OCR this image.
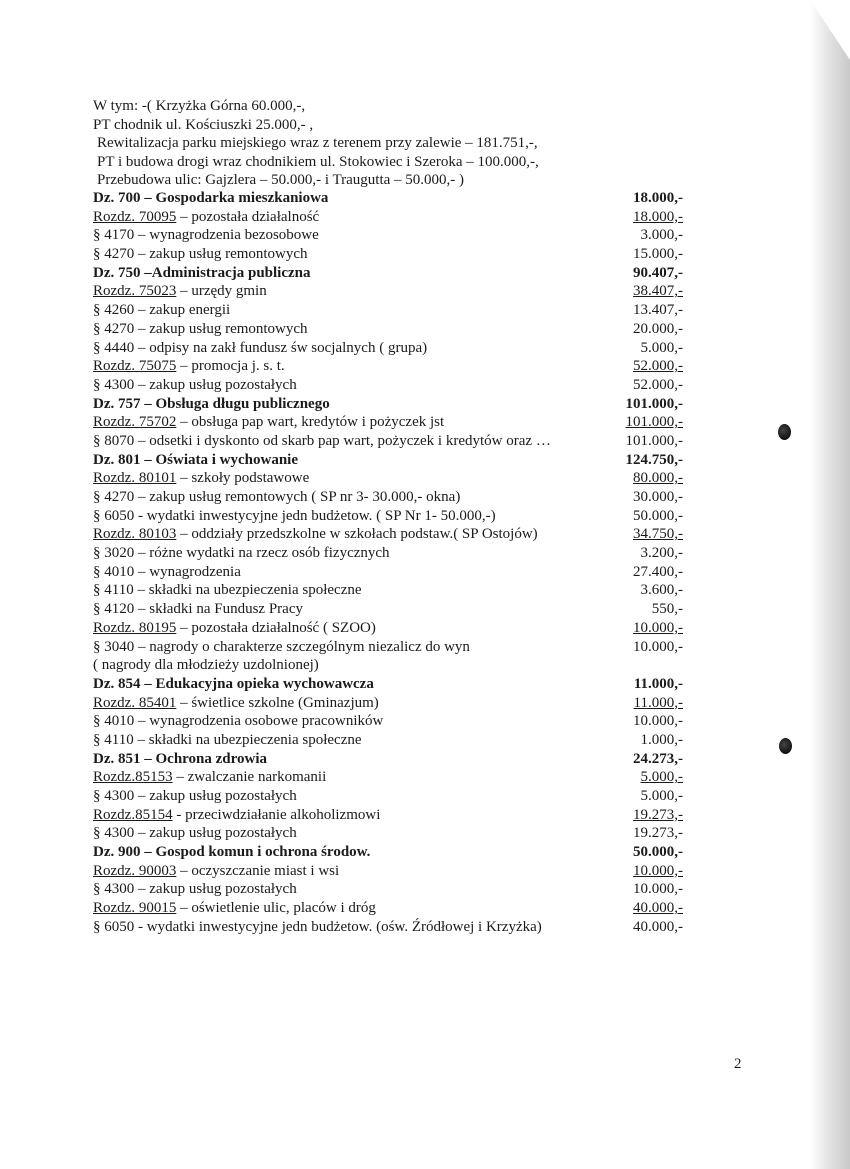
W tym: -( Krzyżka Górna 60.000,-,
PT chodnik ul. Kościuszki 25.000,- ,
Rewitalizacja parku miejskiego wraz z terenem przy zalewie – 181.751,-,
PT i budowa drogi wraz chodnikiem ul. Stokowiec i Szeroka – 100.000,-,
Przebudowa ulic: Gajzlera – 50.000,- i Traugutta – 50.000,- )
Dz. 700 – Gospodarka mieszkaniowa	18.000,-
Rozdz. 70095 – pozostała działalność	18.000,-
§ 4170 – wynagrodzenia bezosobowe	3.000,-
§ 4270 – zakup usług remontowych	15.000,-
Dz. 750 –Administracja publiczna	90.407,-
Rozdz. 75023 – urzędy gmin	38.407,-
§ 4260 – zakup energii	13.407,-
§ 4270 – zakup usług remontowych	20.000,-
§ 4440 – odpisy na zakł fundusz św socjalnych ( grupa)	5.000,-
Rozdz. 75075 – promocja j. s. t.	52.000,-
§ 4300 – zakup usług pozostałych	52.000,-
Dz. 757 – Obsługa długu publicznego	101.000,-
Rozdz. 75702 – obsługa pap wart, kredytów i pożyczek jst	101.000,-
§ 8070 – odsetki i dyskonto od skarb pap wart, pożyczek i kredytów oraz …	101.000,-
Dz. 801 – Oświata i wychowanie	124.750,-
Rozdz. 80101 – szkoły podstawowe	80.000,-
§ 4270 – zakup usług remontowych ( SP nr 3- 30.000,- okna)	30.000,-
§ 6050 - wydatki inwestycyjne jedn budżetow. ( SP Nr 1- 50.000,-)	50.000,-
Rozdz. 80103 – oddziały przedszkolne w szkołach podstaw.( SP Ostojów)	34.750,-
§ 3020 – różne wydatki na rzecz osób fizycznych	3.200,-
§ 4010 – wynagrodzenia	27.400,-
§ 4110 – składki na ubezpieczenia społeczne	3.600,-
§ 4120 – składki na Fundusz Pracy	550,-
Rozdz. 80195 – pozostała działalność ( SZOO)	10.000,-
§ 3040 – nagrody o charakterze szczególnym niezalicz do wyn	10.000,-
( nagrody dla młodzieży uzdolnionej)
Dz. 854 – Edukacyjna opieka wychowawcza	11.000,-
Rozdz. 85401 – świetlice szkolne (Gminazjum)	11.000,-
§ 4010 – wynagrodzenia osobowe pracowników	10.000,-
§ 4110 – składki na ubezpieczenia społeczne	1.000,-
Dz. 851 – Ochrona zdrowia	24.273,-
Rozdz.85153 – zwalczanie narkomanii	5.000,-
§ 4300 – zakup usług pozostałych	5.000,-
Rozdz.85154 - przeciwdziałanie alkoholizmowi	19.273,-
§ 4300 – zakup usług pozostałych	19.273,-
Dz. 900 – Gospod komun i ochrona środow.	50.000,-
Rozdz. 90003 – oczyszczanie miast i wsi	10.000,-
§ 4300 – zakup usług pozostałych	10.000,-
Rozdz. 90015 – oświetlenie ulic, placów i dróg	40.000,-
§ 6050 - wydatki inwestycyjne jedn budżetow. (ośw. Źródłowej i Krzyżka)	40.000,-
2
